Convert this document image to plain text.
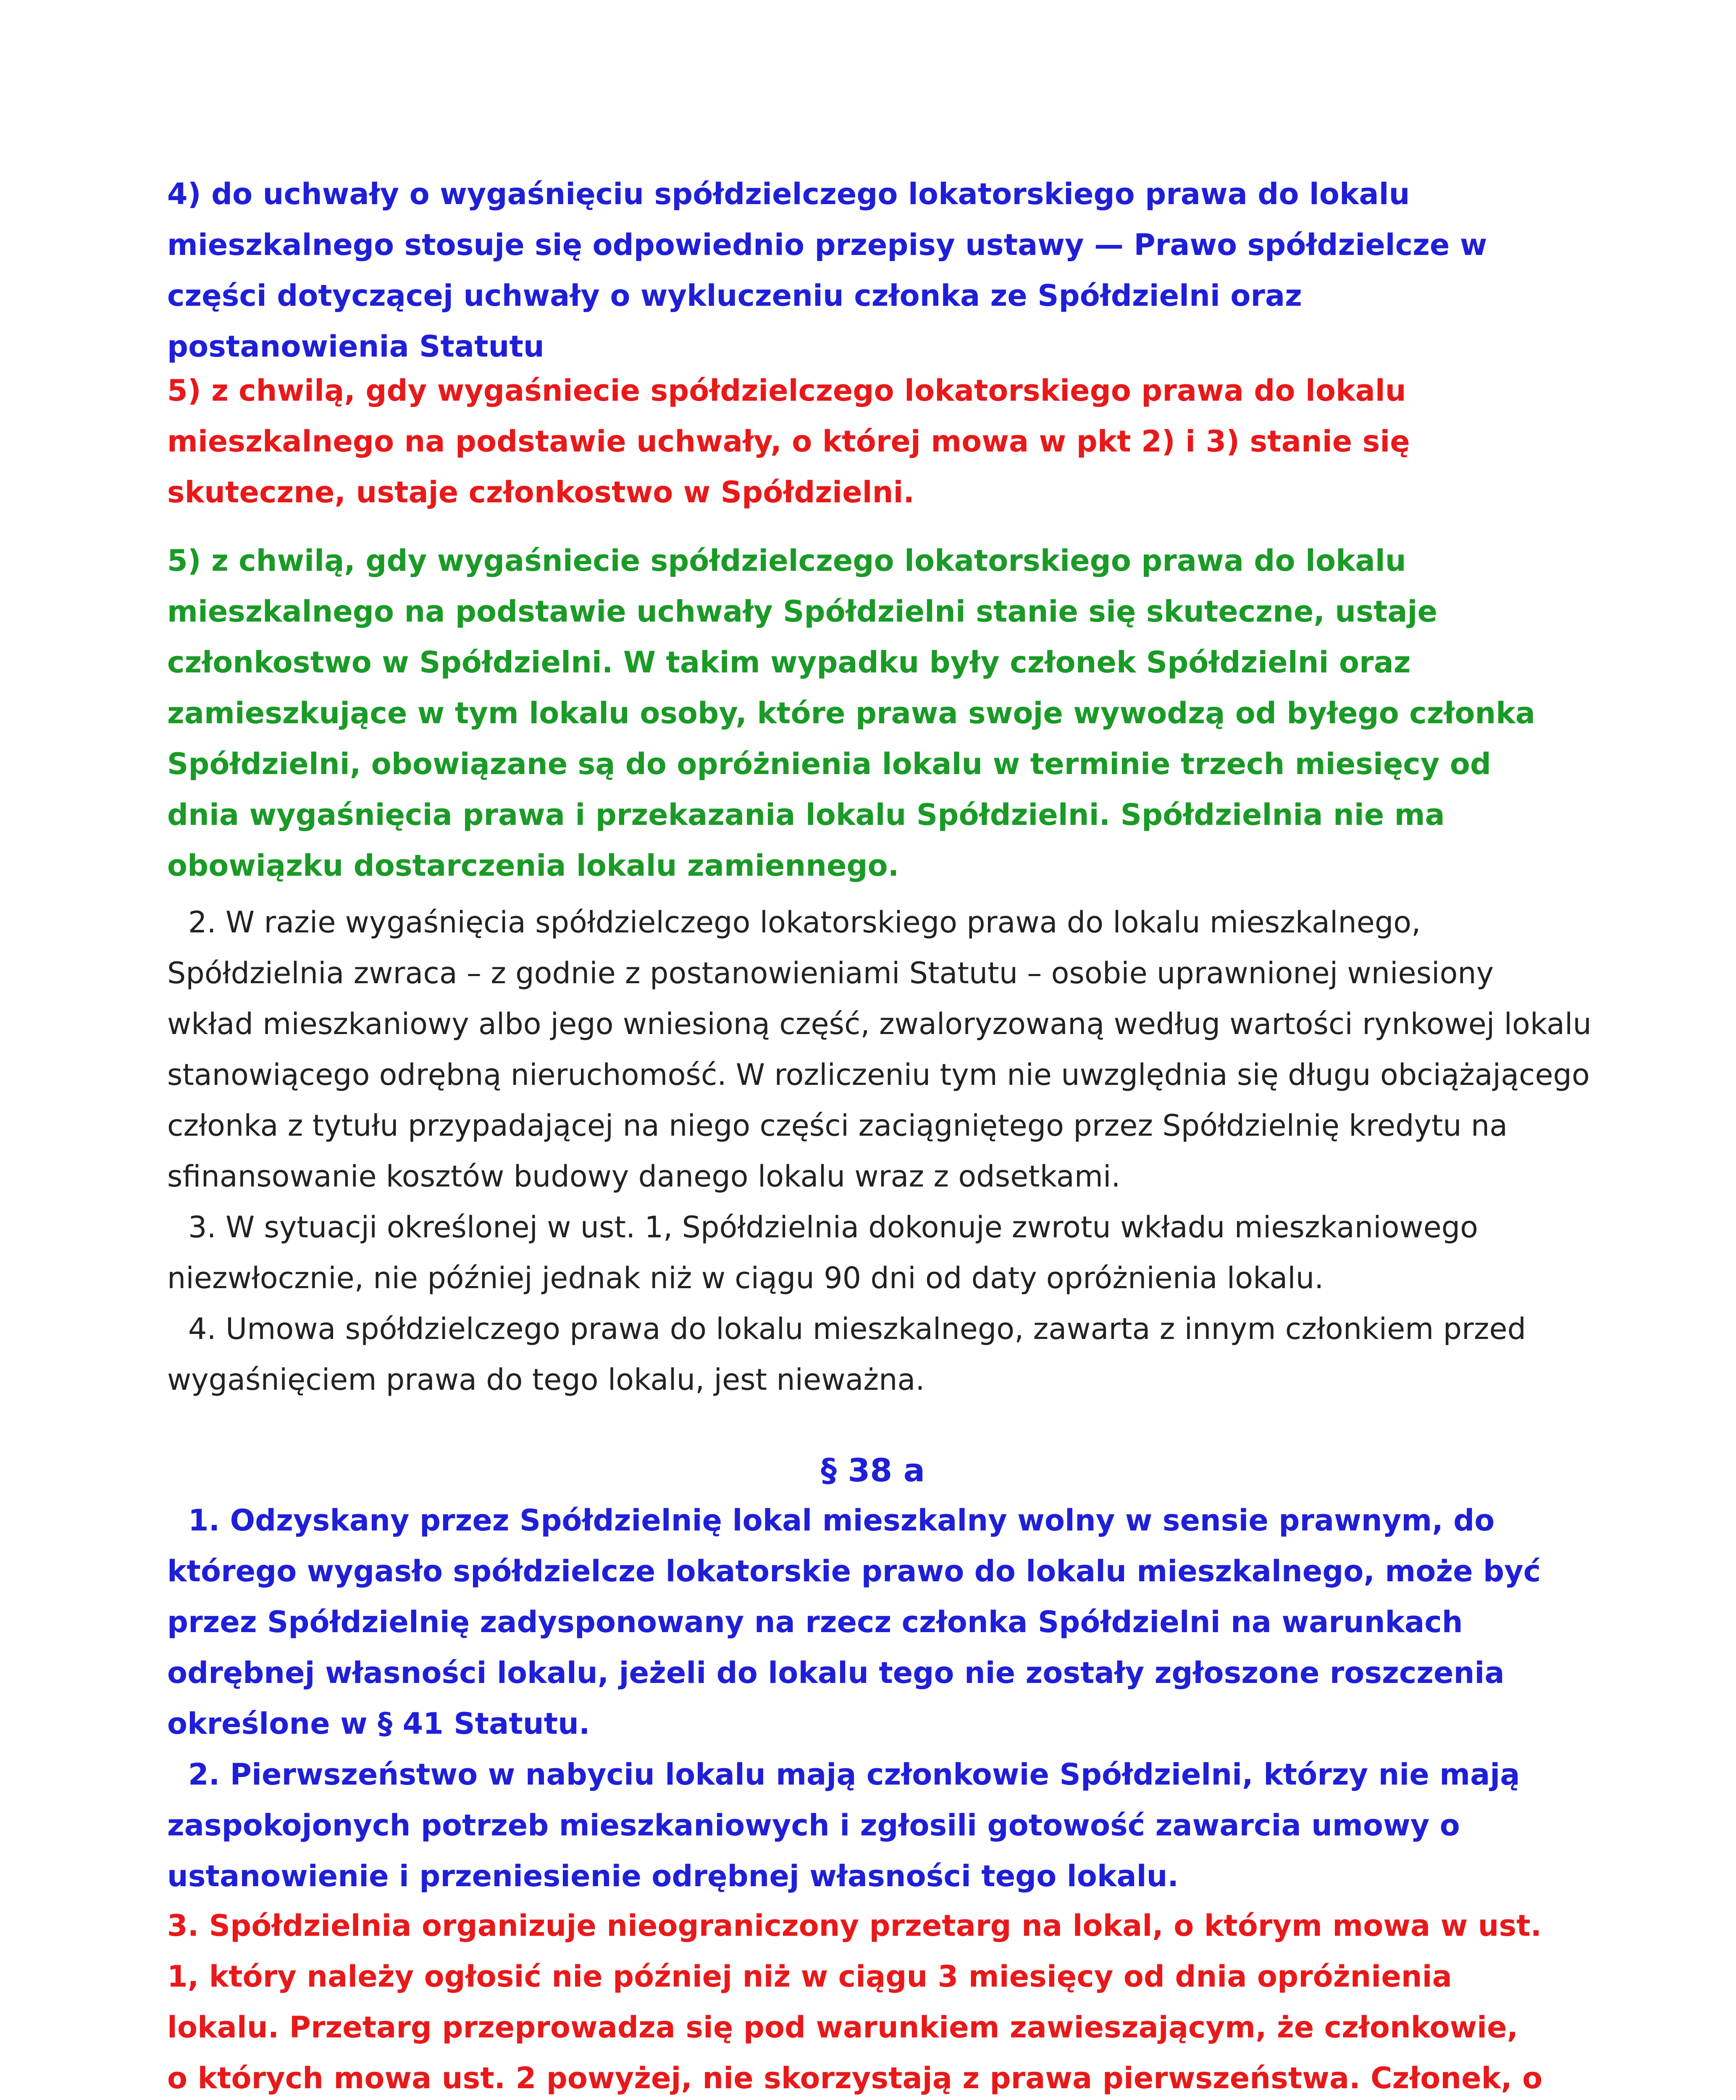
4) do uchwały o wygaśnięciu spółdzielczego lokatorskiego prawa do lokalu
mieszkalnego stosuje się odpowiednio przepisy ustawy — Prawo spółdzielcze w
części dotyczącej uchwały o wykluczeniu członka ze Spółdzielni oraz
postanowienia Statutu
5) z chwilą, gdy wygaśniecie spółdzielczego lokatorskiego prawa do lokalu
mieszkalnego na podstawie uchwały, o której mowa w pkt 2) i 3) stanie się
skuteczne, ustaje członkostwo w Spółdzielni.
5) z chwilą, gdy wygaśniecie spółdzielczego lokatorskiego prawa do lokalu
mieszkalnego na podstawie uchwały Spółdzielni stanie się skuteczne, ustaje
członkostwo w Spółdzielni. W takim wypadku były członek Spółdzielni oraz
zamieszkujące w tym lokalu osoby, które prawa swoje wywodzą od byłego członka
Spółdzielni, obowiązane są do opróżnienia lokalu w terminie trzech miesięcy od
dnia wygaśnięcia prawa i przekazania lokalu Spółdzielni. Spółdzielnia nie ma
obowiązku dostarczenia lokalu zamiennego.
2. W razie wygaśnięcia spółdzielczego lokatorskiego prawa do lokalu mieszkalnego,
Spółdzielnia zwraca – z godnie z postanowieniami Statutu – osobie uprawnionej wniesiony
wkład mieszkaniowy albo jego wniesioną część, zwaloryzowaną według wartości rynkowej lokalu
stanowiącego odrębną nieruchomość. W rozliczeniu tym nie uwzględnia się długu obciążającego
członka z tytułu przypadającej na niego części zaciągniętego przez Spółdzielnię kredytu na
sfinansowanie kosztów budowy danego lokalu wraz z odsetkami.
3. W sytuacji określonej w ust. 1, Spółdzielnia dokonuje zwrotu wkładu mieszkaniowego
niezwłocznie, nie później jednak niż w ciągu 90 dni od daty opróżnienia lokalu.
4. Umowa spółdzielczego prawa do lokalu mieszkalnego, zawarta z innym członkiem przed
wygaśnięciem prawa do tego lokalu, jest nieważna.
§ 38 a
1. Odzyskany przez Spółdzielnię lokal mieszkalny wolny w sensie prawnym, do
którego wygasło spółdzielcze lokatorskie prawo do lokalu mieszkalnego, może być
przez Spółdzielnię zadysponowany na rzecz członka Spółdzielni na warunkach
odrębnej własności lokalu, jeżeli do lokalu tego nie zostały zgłoszone roszczenia
określone w § 41 Statutu.
2. Pierwszeństwo w nabyciu lokalu mają członkowie Spółdzielni, którzy nie mają
zaspokojonych potrzeb mieszkaniowych i zgłosili gotowość zawarcia umowy o
ustanowienie i przeniesienie odrębnej własności tego lokalu.
3. Spółdzielnia organizuje nieograniczony przetarg na lokal, o którym mowa w ust.
1, który należy ogłosić nie później niż w ciągu 3 miesięcy od dnia opróżnienia
lokalu. Przetarg przeprowadza się pod warunkiem zawieszającym, że członkowie,
o których mowa ust. 2 powyżej, nie skorzystają z prawa pierwszeństwa. Członek, o
